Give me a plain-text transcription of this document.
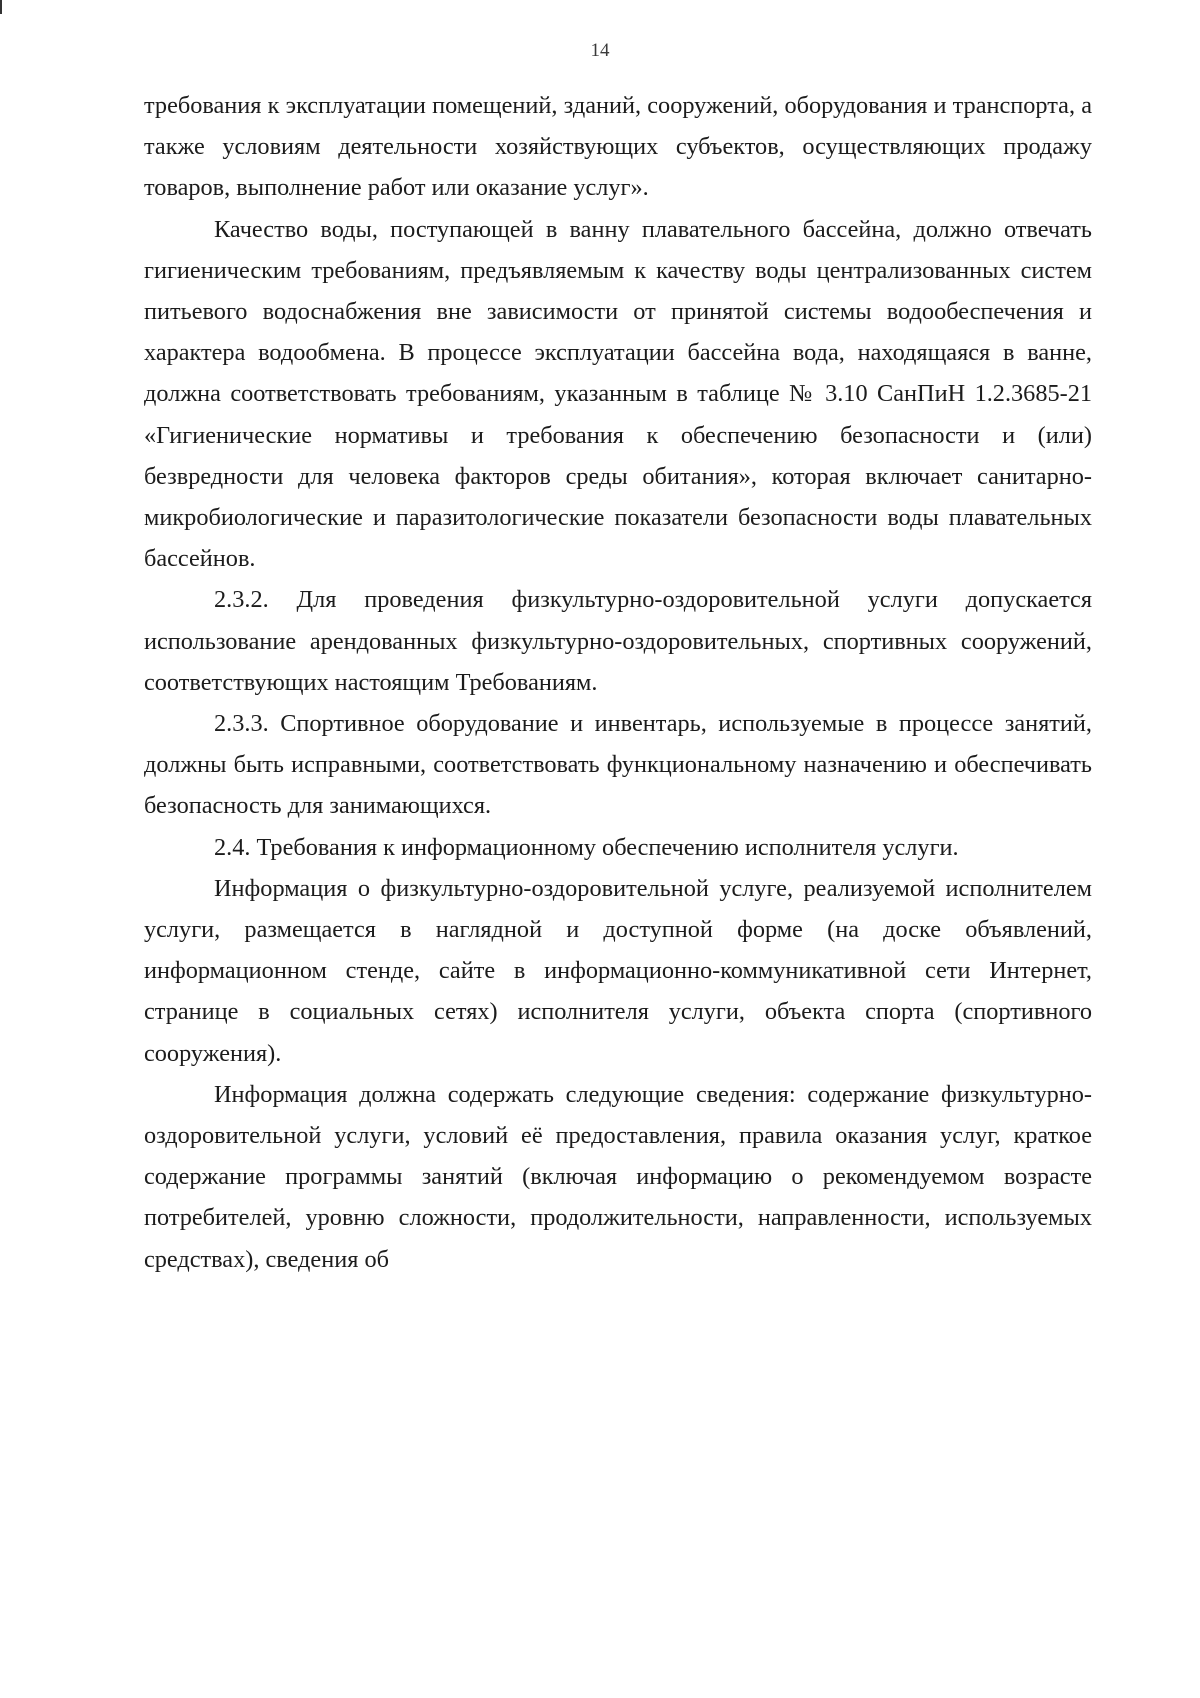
14

требования к эксплуатации помещений, зданий, сооружений, оборудования и транспорта, а также условиям деятельности хозяйствующих субъектов, осуществляющих продажу товаров, выполнение работ или оказание услуг».

Качество воды, поступающей в ванну плавательного бассейна, должно отвечать гигиеническим требованиям, предъявляемым к качеству воды централизованных систем питьевого водоснабжения вне зависимости от принятой системы водообеспечения и характера водообмена. В процессе эксплуатации бассейна вода, находящаяся в ванне, должна соответствовать требованиям, указанным в таблице № 3.10 СанПиН 1.2.3685-21 «Гигиенические нормативы и требования к обеспечению безопасности и (или) безвредности для человека факторов среды обитания», которая включает санитарно-микробиологические и паразитологические показатели безопасности воды плавательных бассейнов.

2.3.2. Для проведения физкультурно-оздоровительной услуги допускается использование арендованных физкультурно-оздоровительных, спортивных сооружений, соответствующих настоящим Требованиям.

2.3.3. Спортивное оборудование и инвентарь, используемые в процессе занятий, должны быть исправными, соответствовать функциональному назначению и обеспечивать безопасность для занимающихся.

2.4. Требования к информационному обеспечению исполнителя услуги.

Информация о физкультурно-оздоровительной услуге, реализуемой исполнителем услуги, размещается в наглядной и доступной форме (на доске объявлений, информационном стенде, сайте в информационно-коммуникативной сети Интернет, странице в социальных сетях) исполнителя услуги, объекта спорта (спортивного сооружения).

Информация должна содержать следующие сведения: содержание физкультурно-оздоровительной услуги, условий её предоставления, правила оказания услуг, краткое содержание программы занятий (включая информацию о рекомендуемом возрасте потребителей, уровню сложности, продолжительности, направленности, используемых средствах), сведения об
